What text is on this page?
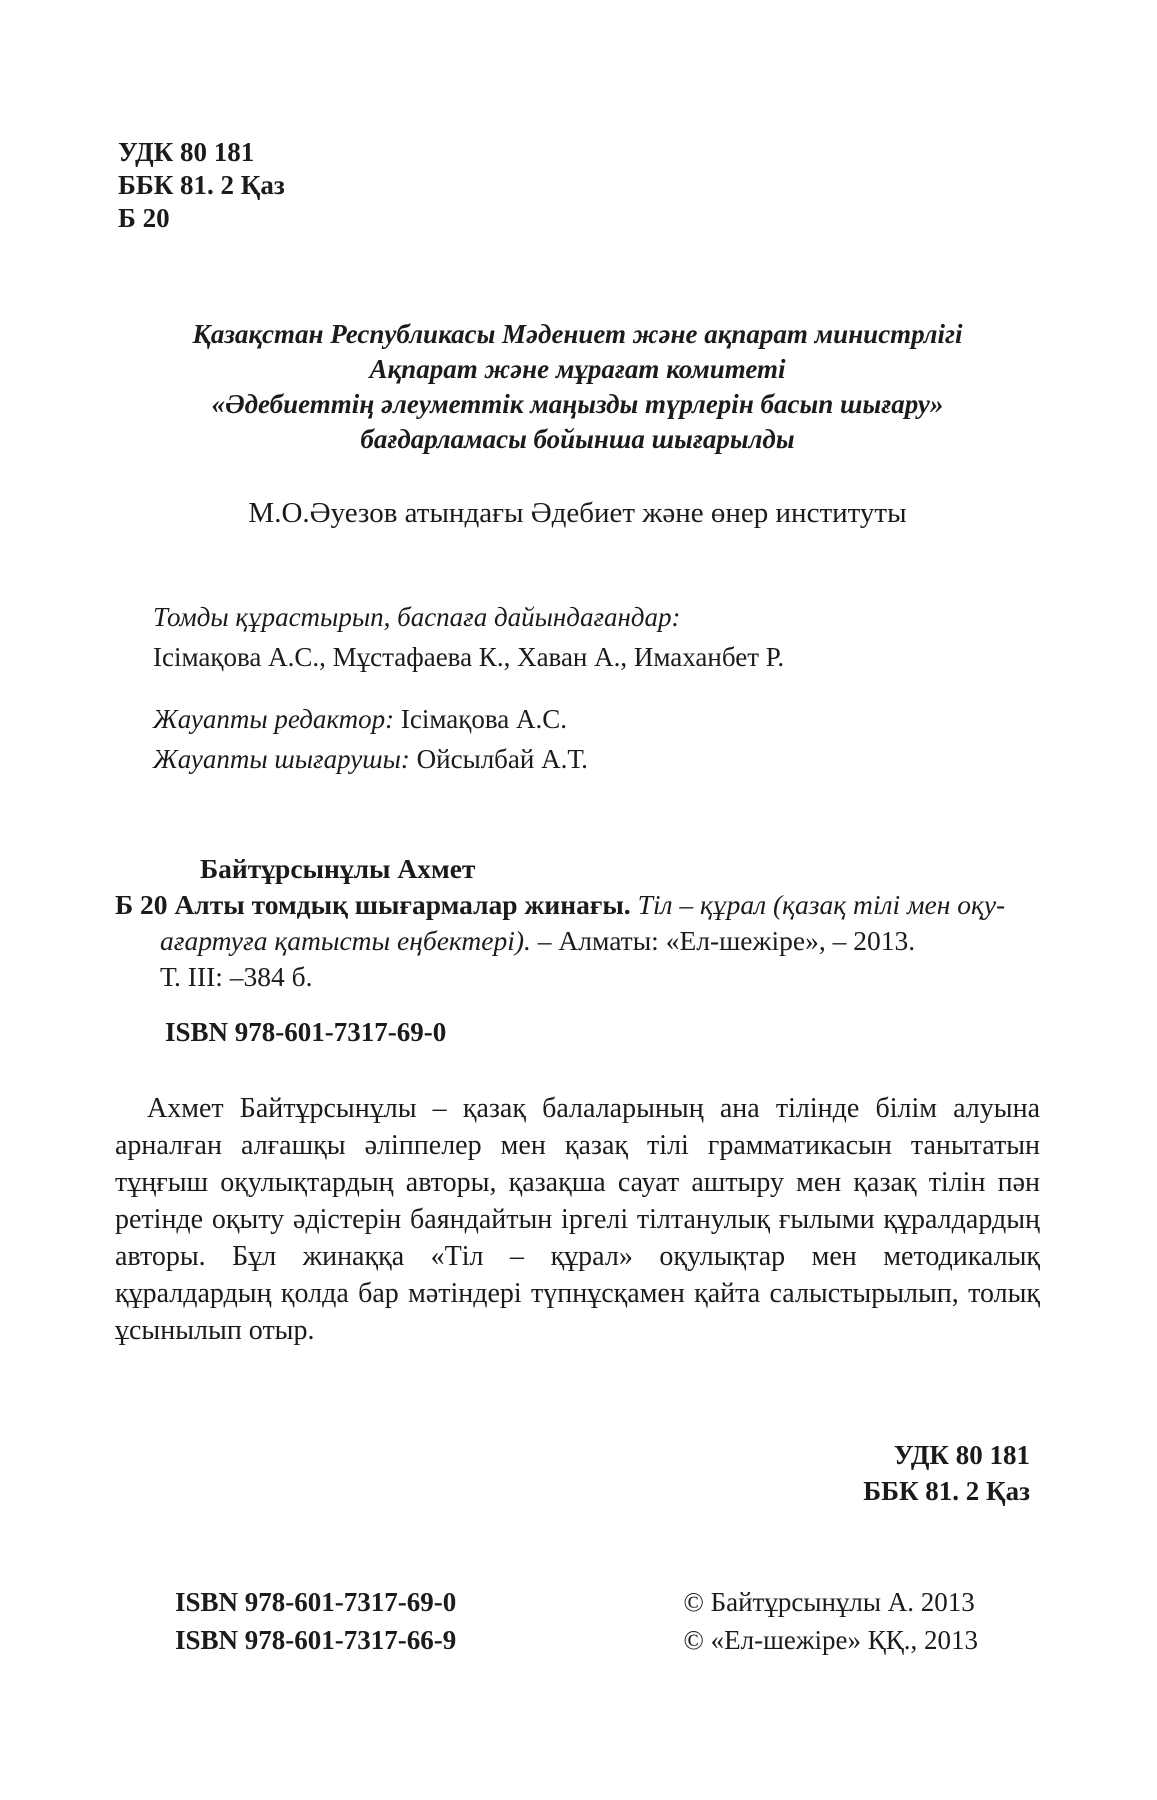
УДК 80 181
ББК 81. 2 Қаз
Б 20
Қазақстан Республикасы Мәдениет және ақпарат министрлігі
Ақпарат және мұрағат комитеті
«Әдебиеттің әлеуметтік маңызды түрлерін басып шығару»
бағдарламасы бойынша шығарылды
М.О.Әуезов атындағы Әдебиет және өнер институты
Томды құрастырып, баспаға дайындағандар:
Ісімақова А.С., Мұстафаева К., Хаван А., Имаханбет Р.
Жауапты редактор: Ісімақова А.С.
Жауапты шығарушы: Ойсылбай А.Т.
Байтұрсынұлы Ахмет
Б 20 Алты томдық шығармалар жинағы. Тіл – құрал (қазақ тілі мен оқу-
ағартуға қатысты еңбектері). – Алматы: «Ел-шежіре», – 2013.
Т. III: –384 б.
ISBN 978-601-7317-69-0

Ахмет Байтұрсынұлы – қазақ балаларының ана тілінде білім алуына арналған алғашқы әліппелер мен қазақ тілі грамматикасын танытатын тұңғыш оқулықтардың авторы, қазақша сауат аштыру мен қазақ тілін пән ретінде оқыту әдістерін баяндайтын іргелі тілтанулық ғылыми құралдардың авторы. Бұл жинаққа «Тіл – құрал» оқулықтар мен методикалық құралдардың қолда бар мәтіндері түпнұсқамен қайта салыстырылып, толық ұсынылып отыр.

УДК 80 181
ББК 81. 2 Қаз
ISBN 978-601-7317-69-0
ISBN 978-601-7317-66-9
© Байтұрсынұлы А. 2013
© «Ел-шежіре» ҚҚ., 2013
